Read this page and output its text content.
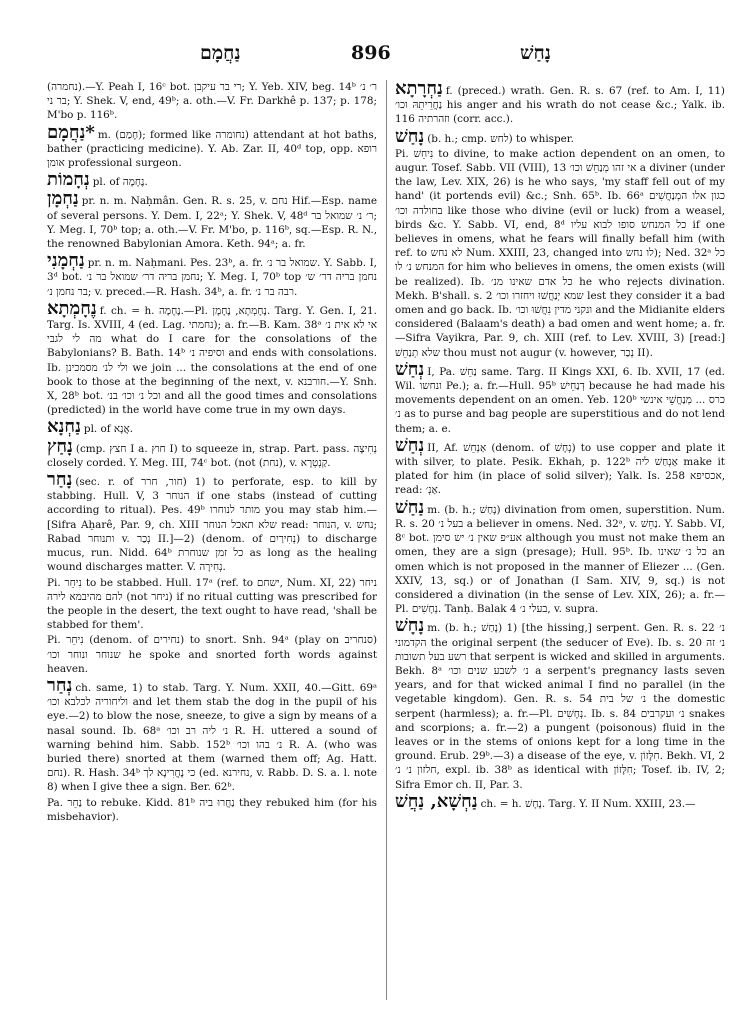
נַחֲמָם	896	נָחַשׁ

(נחמרה).—Y. Peah I, 16ᶜ bot. רי בר עיקבן; Y. Yeb. XIV, beg. 14ᵇ ר׳ נ׳ בר ני; Y. Shek. V, end, 49ᵇ; a. oth.—V. Fr. Darkhê p. 137; p. 178; M'bo p. 116ᵇ.

*נַחֲמָם m. (חָמַם); formed like נחומרה) attendant at hot baths, bather (practicing medicine). Y. Ab. Zar. II, 40ᵈ top, opp. רופא אומן professional surgeon.

נְחָמוֹת pl. of נֶחָמָה.

נַחְמָן pr. n. m. Naḥmân. Gen. R. s. 25, v. נחם Hif.—Esp. name of several persons. Y. Dem. I, 22ᵃ; Y. Shek. V, 48ᵈ ר׳ נ׳ שמואל בר; Y. Meg. I, 70ᵇ top; a. oth.—V. Fr. M'bo, p. 116ᵇ, sq.—Esp. R. N., the renowned Babylonian Amora. Keth. 94ᵃ; a. fr.

נַחְמָנִי pr. n. m. Naḥmani. Pes. 23ᵇ, a. fr. שמואל בר נ׳. Y. Sabb. I, 3ᵈ bot. נחמן בריה דר׳ שמואל בר נ׳; Y. Meg. I, 70ᵇ top נחמן בריה דר׳ ש׳ בר נחמן נ׳; v. preced.—R. Hash. 34ᵇ, a. fr. רבה בר נ׳.

נֶחָמְתָא f. ch. = h. נֶחָמָה.—Pl. נֶחָמְתָא, נֶחָמָן. Targ. Y. Gen. I, 21. Targ. Is. XVIII, 4 (ed. Lag. נחמתי); a. fr.—B. Kam. 38ᵃ אי לא אית נ׳ מה לי לגבי what do I care for the consolations of the Babylonians? B. Bath. 14ᵇ וסיפיה נ׳ and ends with consolations. Ib. ולי לנ׳ מסמכינן we join ... the consolations at the end of one book to those at the beginning of the next, v. חורבנא.—Y. Snh. X, 28ᵇ bot. וכל נ׳ וכו׳ בנ׳ and all the good times and consolations (predicted) in the world have come true in my own days.

נַחְנָא pl. of אֲנָא.

נָחַץ (cmp. חצץ I a. חוץ I) to squeeze in, strap. Part. pass. נְחִיצָה closely corded. Y. Meg. III, 74ᶜ bot. (not (נחת), v. קַנְטְרָא.

נָחַר (sec. r. of חור, חרר) 1) to perforate, esp. to kill by stabbing. Hull. V, 3 הנוחר if one stabs (instead of cutting according to ritual). Pes. 49ᵇ מותר לנוחרו you may stab him.—[Sifra Aḥarê, Par. 9, ch. XIII שלא תאכל הנוחר read: הנוחר, v. נחש; Rabad ותנוחר v. נְכַר II.]—2) (denom. of נְחִירַיִם) to discharge mucus, run. Nidd. 64ᵇ כל זמן שנוחרת as long as the healing wound discharges matter. V. נְחִירָה.

Pi. נִיחֵר to be stabbed. Hull. 17ᵃ (ref. to ישחם, Num. XI, 22) ניחר להם מהיבמא לירה (not ניחר) if no ritual cutting was prescribed for the people in the desert, the text ought to have read, 'shall be stabbed for them'.

Pi. נִיחֵר (denom. of נחירים) to snort. Snh. 94ᵃ (play on סנחריב) שנוחר ונוחר וכו׳ he spoke and snorted forth words against heaven.

נְחַר ch. same, 1) to stab. Targ. Y. Num. XXII, 40.—Gitt. 69ᵃ וליחוריה לכלבא וכו׳ and let them stab the dog in the pupil of his eye.—2) to blow the nose, sneeze, to give a sign by means of a nasal sound. Ib. 68ᵃ נ׳ ליה רב וכו׳ R. H. uttered a sound of warning behind him. Sabb. 152ᵇ נ׳ בהו וכו׳ R. A. (who was buried there) snorted at them (warned them off; Ag. Hatt. נחם). R. Hash. 34ᵇ כי נָחֲרִינָא לך (ed. נחירנא, v. Rabb. D. S. a. l. note 8) when I give thee a sign. Ber. 62ᵇ.

Pa. נַחֵר to rebuke. Kidd. 81ᵇ נַחֲרוּ ביה they rebuked him (for his misbehavior).

נַחְרָתָא f. (preced.) wrath. Gen. R. s. 67 (ref. to Am. I, 11) נַחֲרֵיתֵהּ וכו׳ his anger and his wrath do not cease &c.; Yalk. ib. 116 וזהרתיה (corr. acc.).

נָחַשׁ (b. h.; cmp. לחש) to whisper.

Pi. נִיחֵשׁ to divine, to make action dependent on an omen, to augur. Tosef. Sabb. VII (VIII), 13 אי זהו מְנַחֵשׁ וכו׳ a diviner (under the law, Lev. XIX, 26) is he who says, 'my staff fell out of my hand' (it portends evil) &c.; Snh. 65ᵇ. Ib. 66ᵃ כגון אלו המְנַחֲשִׁים בחולדה וכו׳ like those who divine (evil or luck) from a weasel, birds &c. Y. Sabb. VI, end, 8ᵈ כל המנחש סופו לבוא עליו if one believes in omens, what he fears will finally befall him (with ref. to לא נחש Num. XXIII, 23, changed into לו נחש); Ned. 32ᵃ כל המנחש נ׳ לו for him who believes in omens, the omen exists (will be realized). Ib. כל אדם שאינו מנ׳ he who rejects divination. Mekh. B'shall. s. 2 שמא יְנַחֲשׁוּ ויחזרו וכו׳ lest they consider it a bad omen and go back. Ib. ונקני מדין נִחֲשׁוּ וכו׳ and the Midianite elders considered (Balaam's death) a bad omen and went home; a. fr.—Sifra Vayikra, Par. 9, ch. XIII (ref. to Lev. XVIII, 3) [read:] שלא תְנַחֵשׁ thou must not augur (v. however, נְכַר II).

נְחַשׁ I, Pa. נַחֵשׁ same. Targ. II Kings XXI, 6. Ib. XVII, 17 (ed. Wil. ונחשו Pe.); a. fr.—Hull. 95ᵇ דְנַחֵישׁ because he had made his movements dependent on an omen. Yeb. 120ᵇ כרס ... מְנַחֲשֵׁי אינשי נ׳ as to purse and bag people are superstitious and do not lend them; a. e.

נְחַשׁ II, Af. אַנְחֵשׁ (denom. of נְחָשׁ) to use copper and plate it with silver, to plate. Pesik. Ekhah, p. 122ᵇ אַנְחַשׁ ליה make it plated for him (in place of solid silver); Yalk. Is. 258 אכסיפא, read: אַנְ׳.

נַחַשׁ m. (b. h.; נָחַשׁ) divination from omen, superstition. Num. R. s. 20 בעל נ׳ a believer in omens. Ned. 32ᵃ, v. נַחֵשׁ. Y. Sabb. VI, 8ᶜ bot. אע״פ שאין נ׳ יש סימן although you must not make them an omen, they are a sign (presage); Hull. 95ᵇ. Ib. כל נ׳ שאינו an omen which is not proposed in the manner of Eliezer ... (Gen. XXIV, 13, sq.) or of Jonathan (I Sam. XIV, 9, sq.) is not considered a divination (in the sense of Lev. XIX, 26); a. fr.—Pl. נְחָשִׁים. Tanḥ. Balak 4 בעלי נ׳, v. supra.

נָחָשׁ m. (b. h.; נָחַשׁ) 1) [the hissing,] serpent. Gen. R. s. 22 נ׳ הקדמוני the original serpent (the seducer of Eve). Ib. s. 20 נ׳ זה רשע בעל תשובות that serpent is wicked and skilled in arguments. Bekh. 8ᵃ נ׳ לשבע שנים וכו׳ a serpent's pregnancy lasts seven years, and for that wicked animal I find no parallel (in the vegetable kingdom). Gen. R. s. 54 נ׳ של בית the domestic serpent (harmless); a. fr.—Pl. נְחָשִׁים. Ib. s. 84 נ׳ ועקרבים snakes and scorpions; a. fr.—2) a pungent (poisonous) fluid in the leaves or in the stems of onions kept for a long time in the ground. Erub. 29ᵇ.—3) a disease of the eye, v. חִלָּזוֹן. Bekh. VI, 2 חלזון נ׳ נ׳, expl. ib. 38ᵇ as identical with חִלָּזוֹן; Tosef. ib. IV, 2; Sifra Emor ch. II, Par. 3.

נַחְשָׁא, נַחֲשׁ ch. = h. נָחָשׁ. Targ. Y. II Num. XXIII, 23.—
